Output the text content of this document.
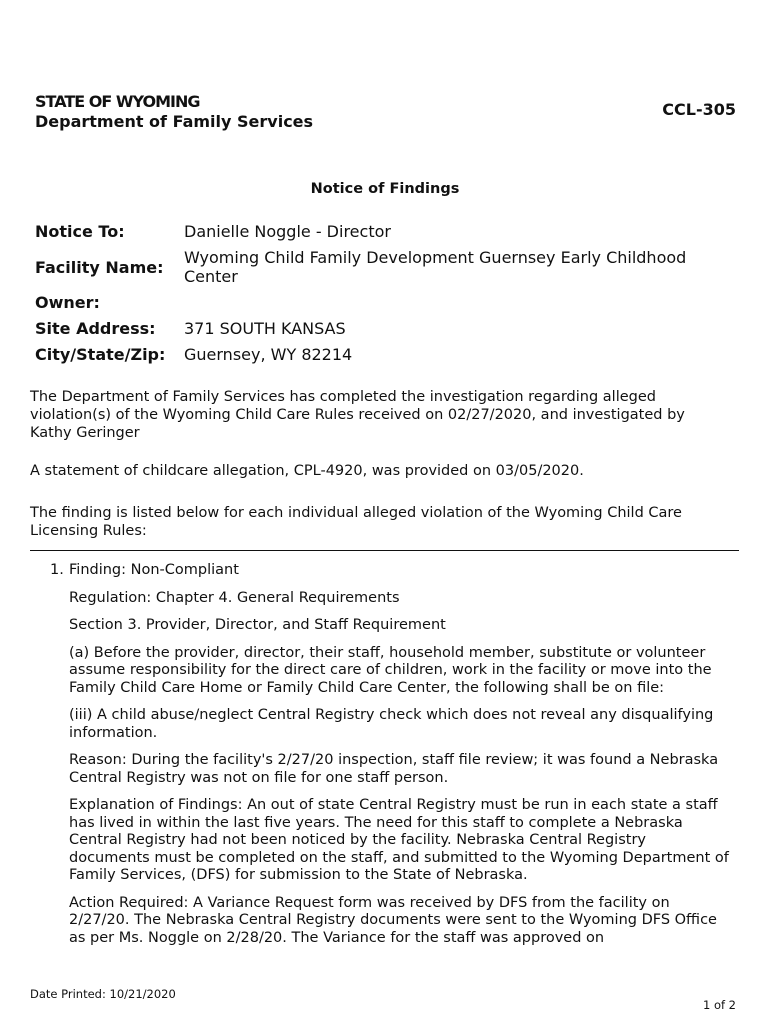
STATE OF WYOMING
Department of Family Services
CCL-305
Notice of Findings
Notice To:	Danielle Noggle - Director
Facility Name:	Wyoming Child Family Development Guernsey Early Childhood Center
Owner:
Site Address:	371 SOUTH KANSAS
City/State/Zip:	Guernsey, WY 82214
The Department of Family Services has completed the investigation regarding alleged violation(s) of the Wyoming Child Care Rules received on 02/27/2020, and investigated by Kathy Geringer
A statement of childcare allegation, CPL-4920, was provided on 03/05/2020.
The finding is listed below for each individual alleged violation of the Wyoming Child Care Licensing Rules:
1. Finding: Non-Compliant

Regulation: Chapter 4. General Requirements

Section 3. Provider, Director, and Staff Requirement

(a) Before the provider, director, their staff, household member, substitute or volunteer assume responsibility for the direct care of children, work in the facility or move into the Family Child Care Home or Family Child Care Center, the following shall be on file:

(iii) A child abuse/neglect Central Registry check which does not reveal any disqualifying information.

Reason: During the facility's 2/27/20 inspection, staff file review; it was found a Nebraska Central Registry was not on file for one staff person.

Explanation of Findings: An out of state Central Registry must be run in each state a staff has lived in within the last five years. The need for this staff to complete a Nebraska Central Registry had not been noticed by the facility. Nebraska Central Registry documents must be completed on the staff, and submitted to the Wyoming Department of Family Services, (DFS) for submission to the State of Nebraska.

Action Required: A Variance Request form was received by DFS from the facility on 2/27/20. The Nebraska Central Registry documents were sent to the Wyoming DFS Office as per Ms. Noggle on 2/28/20. The Variance for the staff was approved on

Date Printed: 10/21/2020
1 of 2
